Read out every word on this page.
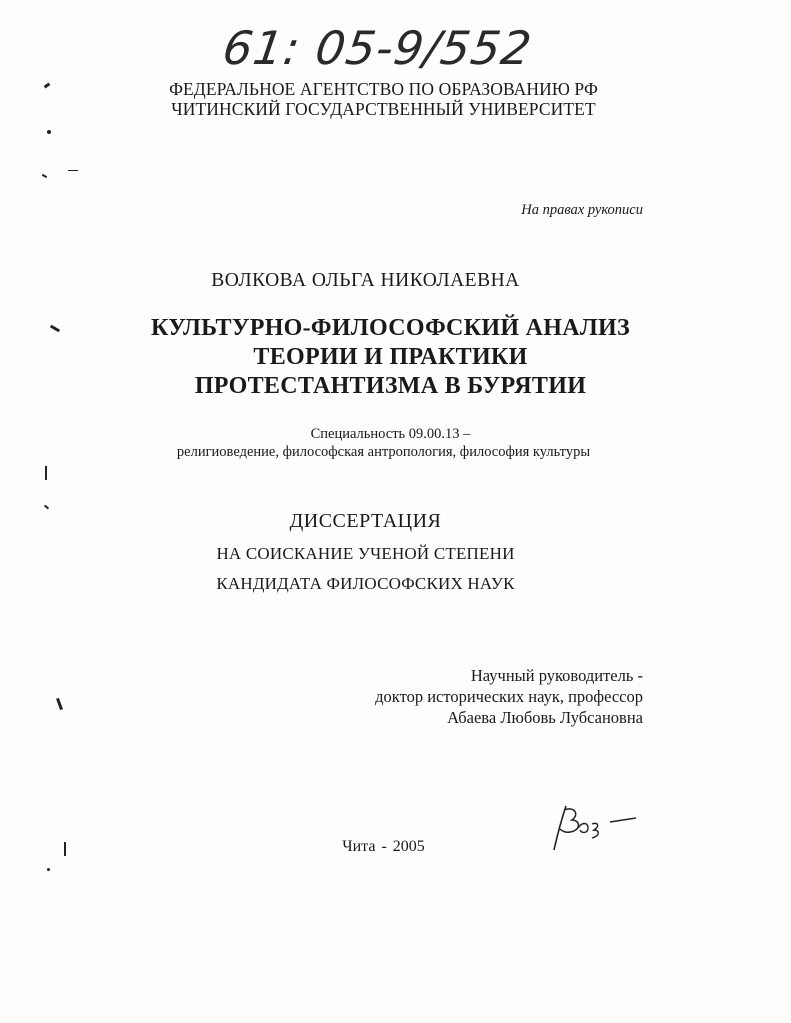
61: 05-9/552

ФЕДЕРАЛЬНОЕ АГЕНТСТВО ПО ОБРАЗОВАНИЮ РФ

ЧИТИНСКИЙ ГОСУДАРСТВЕННЫЙ УНИВЕРСИТЕТ

На правах рукописи

ВОЛКОВА ОЛЬГА НИКОЛАЕВНА

КУЛЬТУРНО-ФИЛОСОФСКИЙ АНАЛИЗ

ТЕОРИИ И ПРАКТИКИ

ПРОТЕСТАНТИЗМА В БУРЯТИИ

Специальность 09.00.13 –

религиоведение, философская антропология, философия культуры

ДИССЕРТАЦИЯ

НА СОИСКАНИЕ УЧЕНОЙ СТЕПЕНИ

КАНДИДАТА ФИЛОСОФСКИХ НАУК

Научный руководитель -
доктор исторических наук, профессор
Абаева Любовь Лубсановна

Чита - 2005
